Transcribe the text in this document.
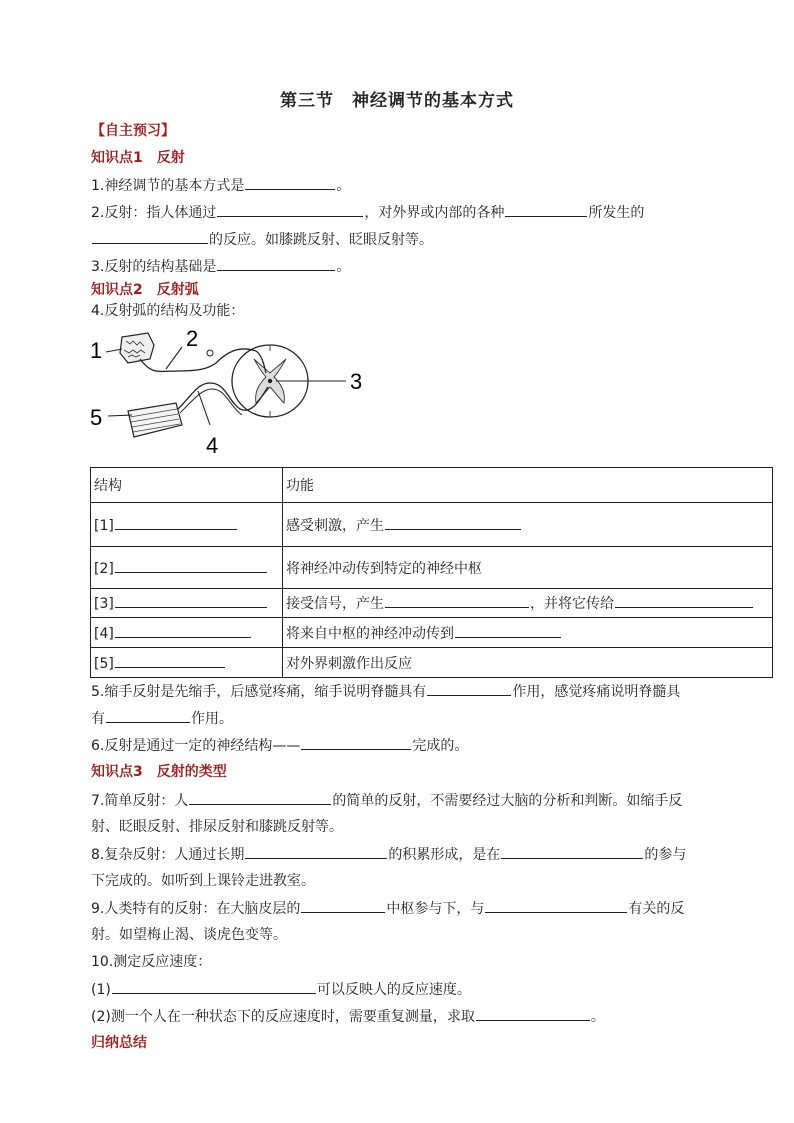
第三节　神经调节的基本方式
【自主预习】
知识点1　反射
1.神经调节的基本方式是	。
2.反射：指人体通过	，对外界或内部的各种	所发生的
的反应。如膝跳反射、眨眼反射等。
3.反射的结构基础是	。
知识点2　反射弧
4.反射弧的结构及功能：
1	2
3
4
5
结构	功能
[1]	感受刺激，产生
[2]	将神经冲动传到特定的神经中枢
[3]	接受信号，产生 ，并将它传给
[4]	将来自中枢的神经冲动传到
[5]	对外界刺激作出反应
5.缩手反射是先缩手，后感觉疼痛，缩手说明脊髓具有	作用，感觉疼痛说明脊髓具
有	作用。
6.反射是通过一定的神经结构——	完成的。
知识点3　反射的类型
7.简单反射：人	的简单的反射，不需要经过大脑的分析和判断。如缩手反
射、眨眼反射、排尿反射和膝跳反射等。
8.复杂反射：人通过长期	的积累形成，是在	的参与
下完成的。如听到上课铃走进教室。
9.人类特有的反射：在大脑皮层的	中枢参与下，与	有关的反
射。如望梅止渴、谈虎色变等。
10.测定反应速度：
(1)	可以反映人的反应速度。
(2)测一个人在一种状态下的反应速度时，需要重复测量，求取	。
归纳总结
